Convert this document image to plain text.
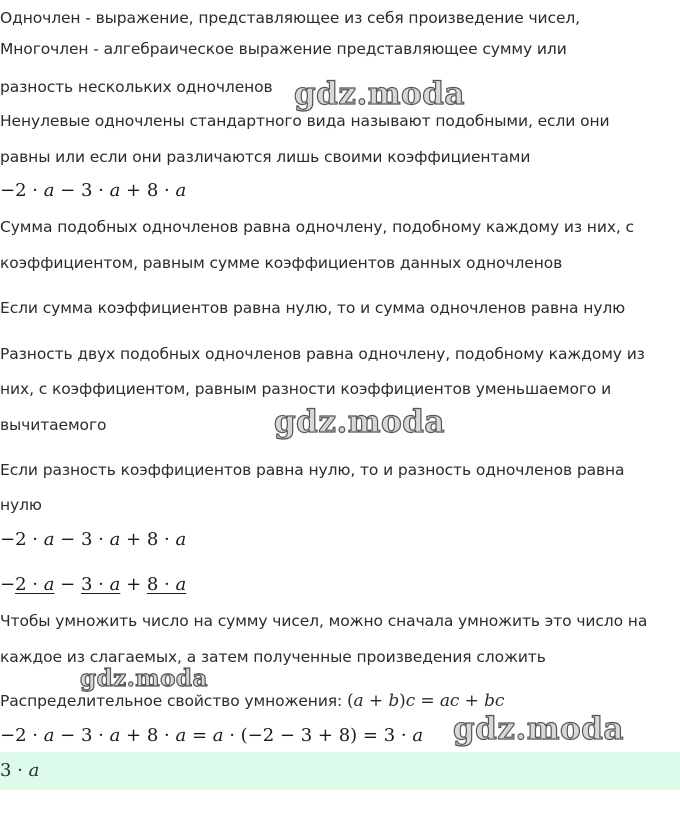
Одночлен - выражение, представляющее из себя произведение чисел,
Многочлен - алгебраическое выражение представляющее сумму или
разность нескольких одночленов
Ненулевые одночлены стандартного вида называют подобными, если они
равны или если они различаются лишь своими коэффициентами
−2 · a − 3 · a + 8 · a
Сумма подобных одночленов равна одночлену, подобному каждому из них, с
коэффициентом, равным сумме коэффициентов данных одночленов
Если сумма коэффициентов равна нулю, то и сумма одночленов равна нулю
Разность двух подобных одночленов равна одночлену, подобному каждому из
них, с коэффициентом, равным разности коэффициентов уменьшаемого и
вычитаемого
Если разность коэффициентов равна нулю, то и разность одночленов равна
нулю
−2 · a − 3 · a + 8 · a
−2 · a − 3 · a + 8 · a
Чтобы умножить число на сумму чисел, можно сначала умножить это число на
каждое из слагаемых, а затем полученные произведения сложить
Распределительное свойство умножения: (a + b)c = ac + bc
−2 · a − 3 · a + 8 · a = a · (−2 − 3 + 8) = 3 · a
3 · a
gdz.moda
gdz.moda
gdz.moda
gdz.moda
